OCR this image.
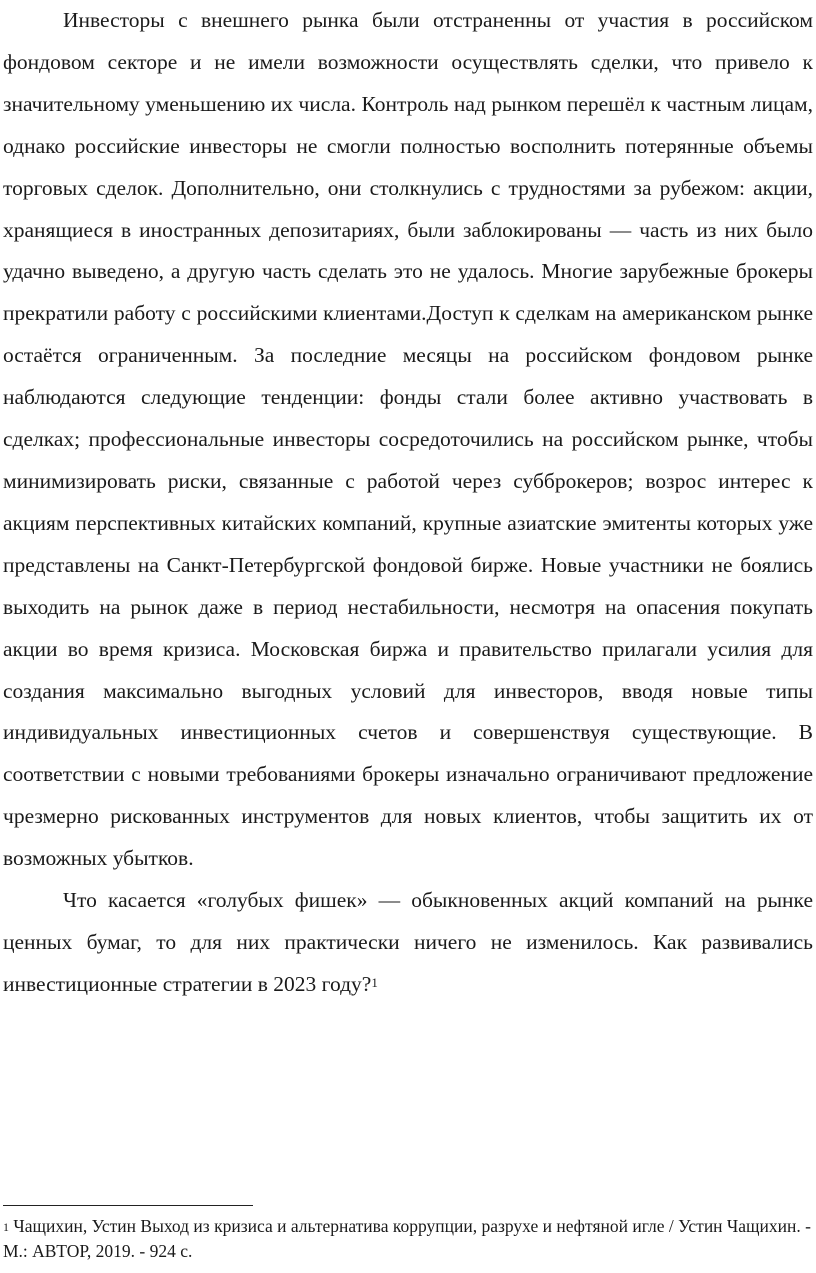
Инвесторы с внешнего рынка были отстраненны от участия в российском фондовом секторе и не имели возможности осуществлять сделки, что привело к значительному уменьшению их числа. Контроль над рынком перешёл к частным лицам, однако российские инвесторы не смогли полностью восполнить потерянные объемы торговых сделок. Дополнительно, они столкнулись с трудностями за рубежом: акции, хранящиеся в иностранных депозитариях, были заблокированы — часть из них было удачно выведено, а другую часть сделать это не удалось. Многие зарубежные брокеры прекратили работу с российскими клиентами.Доступ к сделкам на американском рынке остаётся ограниченным. За последние месяцы на российском фондовом рынке наблюдаются следующие тенденции: фонды стали более активно участвовать в сделках; профессиональные инвесторы сосредоточились на российском рынке, чтобы минимизировать риски, связанные с работой через субброкеров; возрос интерес к акциям перспективных китайских компаний, крупные азиатские эмитенты которых уже представлены на Санкт-Петербургской фондовой бирже. Новые участники не боялись выходить на рынок даже в период нестабильности, несмотря на опасения покупать акции во время кризиса. Московская биржа и правительство прилагали усилия для создания максимально выгодных условий для инвесторов, вводя новые типы индивидуальных инвестиционных счетов и совершенствуя существующие. В соответствии с новыми требованиями брокеры изначально ограничивают предложение чрезмерно рискованных инструментов для новых клиентов, чтобы защитить их от возможных убытков.

Что касается «голубых фишек» — обыкновенных акций компаний на рынке ценных бумаг, то для них практически ничего не изменилось. Как развивались инвестиционные стратегии в 2023 году?$^1$

$^1$ Чащихин, Устин Выход из кризиса и альтернатива коррупции, разрухе и нефтяной игле / Устин Чащихин. - М.: АВТОР, 2019. - 924 с.
